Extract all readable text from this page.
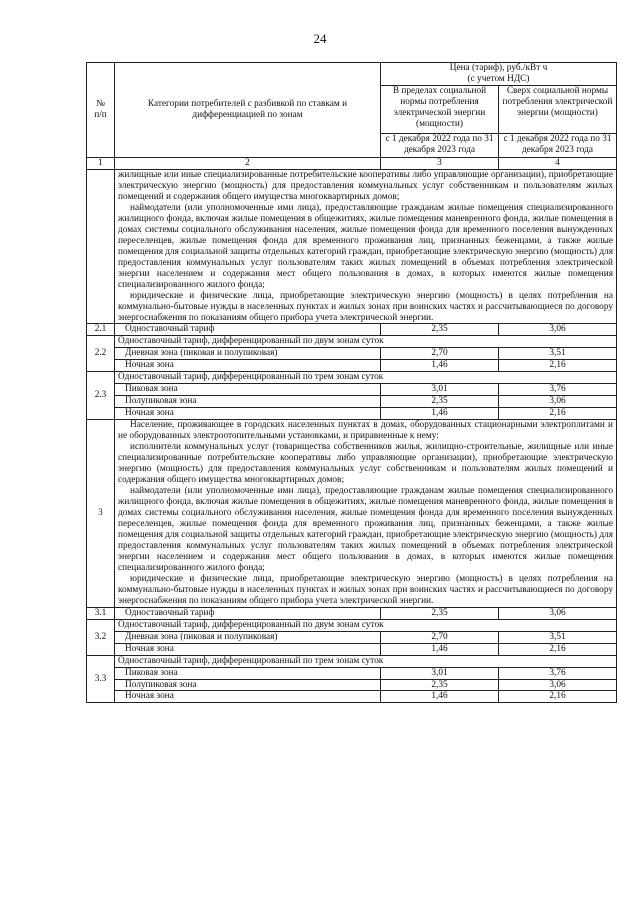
24
№
п/п	Категории потребителей с разбивкой по ставкам и дифференциацией по зонам	Цена (тариф), руб./кВт ч
(с учетом НДС)	
		В пределах социальной нормы потребления электрической энергии (мощности)	Сверх социальной нормы потребления электрической энергии (мощности)
		с 1 декабря 2022 года по 31 декабря 2023 года	с 1 декабря 2022 года по 31 декабря 2023 года
1	2	3	4

	жилищные или иные специализированные потребительские кооперативы либо управляющие организации), приобретающие электрическую энергию (мощность) для предоставления коммунальных услуг собственникам и пользователям жилых помещений и содержания общего имущества многоквартирных домов;

наймодатели (или уполномоченные ими лица), предоставляющие гражданам жилые помещения специализированного жилищного фонда, включая жилые помещения в общежитиях, жилые помещения маневренного фонда, жилые помещения в домах системы социального обслуживания населения, жилые помещения фонда для временного поселения вынужденных переселенцев, жилые помещения фонда для временного проживания лиц, признанных беженцами, а также жилые помещения для социальной защиты отдельных категорий граждан, приобретающие электрическую энергию (мощность) для предоставления коммунальных услуг пользователям таких жилых помещений в объемах потребления электрической энергии населением и содержания мест общего пользования в домах, в которых имеются жилые помещения специализированного жилого фонда;

юридические и физические лица, приобретающие электрическую энергию (мощность) в целях потребления на коммунально-бытовые нужды в населенных пунктах и жилых зонах при воинских частях и рассчитывающиеся по договору энергоснабжения по показаниям общего прибора учета электрической энергии.		

2.1	Одноставочный тариф	2,35	3,06
2.2	Одноставочный тариф, дифференцированный по двум зонам суток		
	Дневная зона (пиковая и полупиковая)	2,70	3,51
	Ночная зона	1,46	2,16
2.3	Одноставочный тариф, дифференцированный по трем зонам суток		
	Пиковая зона	3,01	3,76
	Полупиковая зона	2,35	3,06
	Ночная зона	1,46	2,16
3	Население, проживающее в городских населенных пунктах в домах, оборудованных стационарными электроплитами и не оборудованных электроотопительными установками, и приравненные к нему:

исполнители коммунальных услуг (товарищества собственников жилья, жилищно-строительные, жилищные или иные специализированные потребительские кооперативы либо управляющие организации), приобретающие электрическую энергию (мощность) для предоставления коммунальных услуг собственникам и пользователям жилых помещений и содержания общего имущества многоквартирных домов;

наймодатели (или уполномоченные ими лица), предоставляющие гражданам жилые помещения специализированного жилищного фонда, включая жилые помещения в общежитиях, жилые помещения маневренного фонда, жилые помещения в домах системы социального обслуживания населения, жилые помещения фонда для временного поселения вынужденных переселенцев, жилые помещения фонда для временного проживания лиц, признанных беженцами, а также жилые помещения для социальной защиты отдельных категорий граждан, приобретающие электрическую энергию (мощность) для предоставления коммунальных услуг пользователям таких жилых помещений в объемах потребления электрической энергии населением и содержания мест общего пользования в домах, в которых имеются жилые помещения специализированного жилого фонда;

юридические и физические лица, приобретающие электрическую энергию (мощность) в целях потребления на коммунально-бытовые нужды в населенных пунктах и жилых зонах при воинских частях и рассчитывающиеся по договору энергоснабжения по показаниям общего прибора учета электрической энергии.		

3.1	Одноставочный тариф	2,35	3,06
3.2	Одноставочный тариф, дифференцированный по двум зонам суток		
	Дневная зона (пиковая и полупиковая)	2,70	3,51
	Ночная зона	1,46	2,16
3.3	Одноставочный тариф, дифференцированный по трем зонам суток		
	Пиковая зона	3,01	3,76
	Полупиковая зона	2,35	3,06
	Ночная зона	1,46	2,16
